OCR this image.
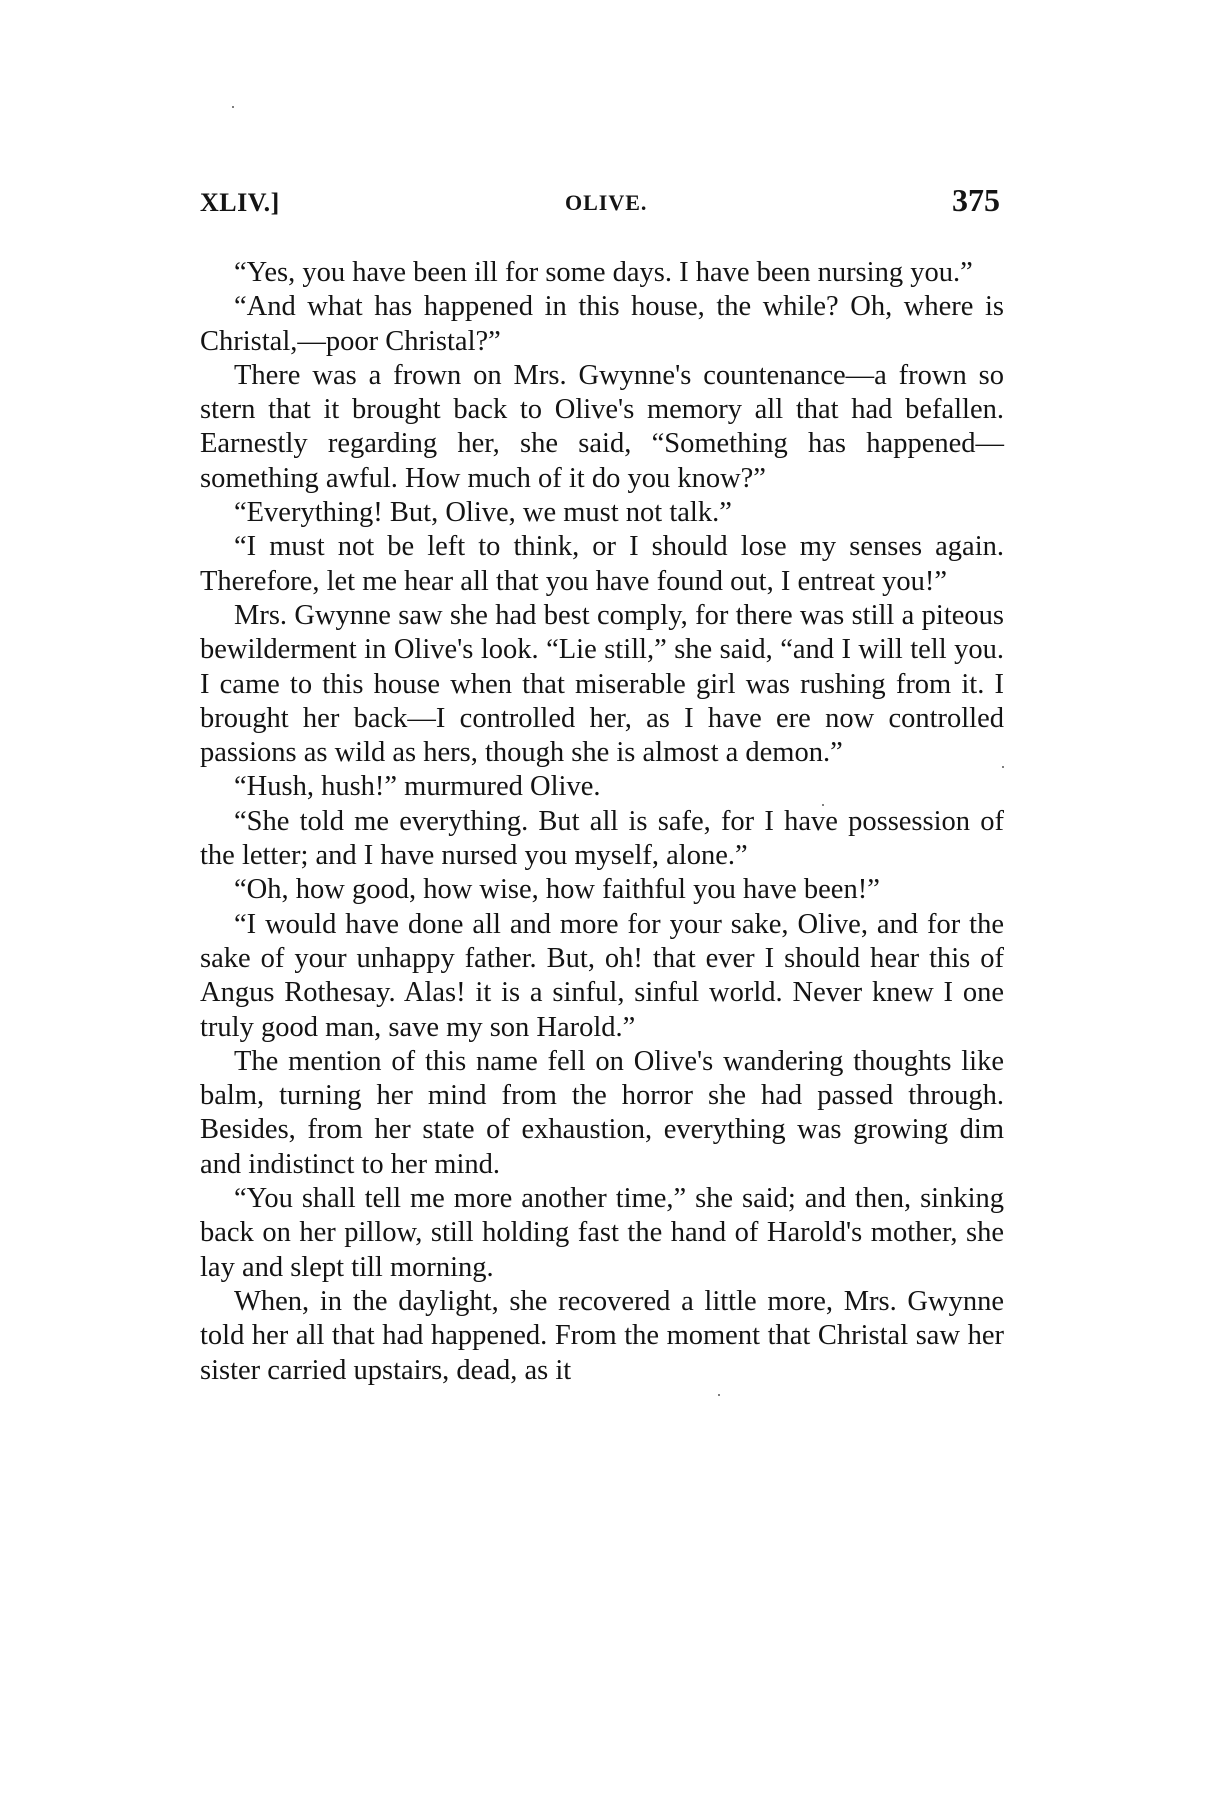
XLIV.]	OLIVE.	375

“Yes, you have been ill for some days. I have been nursing you.”

“And what has happened in this house, the while? Oh, where is Christal,—poor Christal?”

There was a frown on Mrs. Gwynne's countenance—a frown so stern that it brought back to Olive's memory all that had befallen. Earnestly regarding her, she said, “Something has happened—something awful. How much of it do you know?”

“Everything! But, Olive, we must not talk.”

“I must not be left to think, or I should lose my senses again. Therefore, let me hear all that you have found out, I entreat you!”

Mrs. Gwynne saw she had best comply, for there was still a piteous bewilderment in Olive's look. “Lie still,” she said, “and I will tell you. I came to this house when that miserable girl was rushing from it. I brought her back—I controlled her, as I have ere now controlled passions as wild as hers, though she is almost a demon.”

“Hush, hush!” murmured Olive.

“She told me everything. But all is safe, for I have possession of the letter; and I have nursed you myself, alone.”

“Oh, how good, how wise, how faithful you have been!”

“I would have done all and more for your sake, Olive, and for the sake of your unhappy father. But, oh! that ever I should hear this of Angus Rothesay. Alas! it is a sinful, sinful world. Never knew I one truly good man, save my son Harold.”

The mention of this name fell on Olive's wandering thoughts like balm, turning her mind from the horror she had passed through. Besides, from her state of exhaustion, everything was growing dim and indistinct to her mind.

“You shall tell me more another time,” she said; and then, sinking back on her pillow, still holding fast the hand of Harold's mother, she lay and slept till morning.

When, in the daylight, she recovered a little more, Mrs. Gwynne told her all that had happened. From the moment that Christal saw her sister carried upstairs, dead, as it
